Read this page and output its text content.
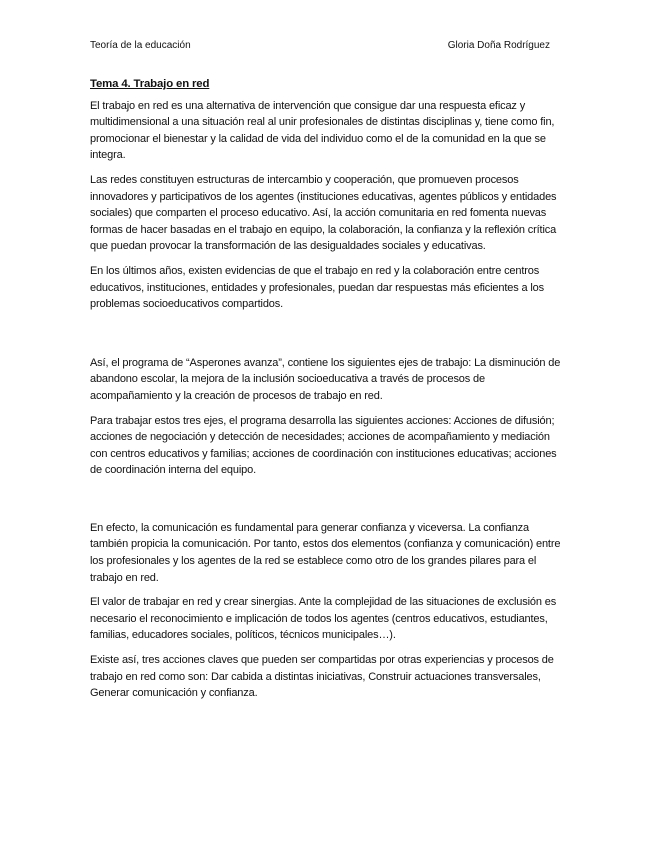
Teoría de la educación	Gloria Doña Rodríguez
Tema 4. Trabajo en red

El trabajo en red es una alternativa de intervención que consigue dar una respuesta eficaz y multidimensional a una situación real al unir profesionales de distintas disciplinas y, tiene como fin, promocionar el bienestar y la calidad de vida del individuo como el de la comunidad en la que se integra.

Las redes constituyen estructuras de intercambio y cooperación, que promueven procesos innovadores y participativos de los agentes (instituciones educativas, agentes públicos y entidades sociales) que comparten el proceso educativo. Así, la acción comunitaria en red fomenta nuevas formas de hacer basadas en el trabajo en equipo, la colaboración, la confianza y la reflexión crítica que puedan provocar la transformación de las desigualdades sociales y educativas.

En los últimos años, existen evidencias de que el trabajo en red y la colaboración entre centros educativos, instituciones, entidades y profesionales, puedan dar respuestas más eficientes a los problemas socioeducativos compartidos.

Así, el programa de “Asperones avanza”, contiene los siguientes ejes de trabajo: La disminución de abandono escolar, la mejora de la inclusión socioeducativa a través de procesos de acompañamiento y la creación de procesos de trabajo en red.

Para trabajar estos tres ejes, el programa desarrolla las siguientes acciones: Acciones de difusión; acciones de negociación y detección de necesidades; acciones de acompañamiento y mediación con centros educativos y familias; acciones de coordinación con instituciones educativas; acciones de coordinación interna del equipo.

En efecto, la comunicación es fundamental para generar confianza y viceversa. La confianza también propicia la comunicación. Por tanto, estos dos elementos (confianza y comunicación) entre los profesionales y los agentes de la red se establece como otro de los grandes pilares para el trabajo en red.

El valor de trabajar en red y crear sinergias. Ante la complejidad de las situaciones de exclusión es necesario el reconocimiento e implicación de todos los agentes (centros educativos, estudiantes, familias, educadores sociales, políticos, técnicos municipales…).

Existe así, tres acciones claves que pueden ser compartidas por otras experiencias y procesos de trabajo en red como son: Dar cabida a distintas iniciativas, Construir actuaciones transversales, Generar comunicación y confianza.
